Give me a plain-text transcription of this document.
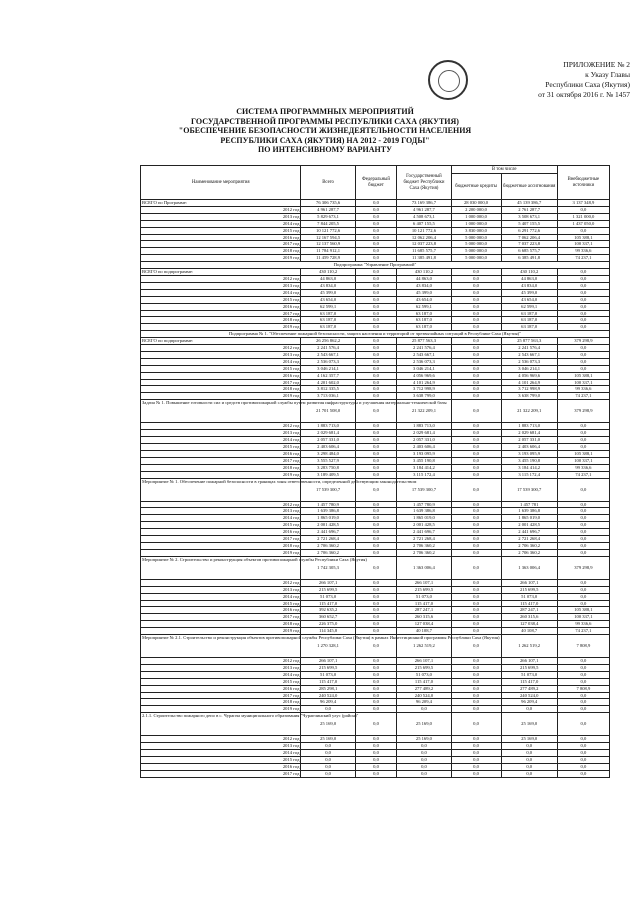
ПРИЛОЖЕНИЕ № 2
к Указу Главы
Республики Саха (Якутия)
от 31 октября 2016 г. № 1457
СИСТЕМА ПРОГРАММНЫХ МЕРОПРИЯТИЙ
ГОСУДАРСТВЕННОЙ ПРОГРАММЫ РЕСПУБЛИКИ САХА (ЯКУТИЯ)
"ОБЕСПЕЧЕНИЕ БЕЗОПАСНОСТИ ЖИЗНЕДЕЯТЕЛЬНОСТИ НАСЕЛЕНИЯ
РЕСПУБЛИКИ САХА (ЯКУТИЯ) НА 2012 - 2019 ГОДЫ"
ПО ИНТЕНСИВНОМУ ВАРИАНТУ
Наименование мероприятия	Всего	Федеральный бюджет	Государственный бюджет Республики Саха (Якутия)	В том числе		Внебюджетные источники
				бюджетные кредиты	бюджетные ассигнования	
ВСЕГО по Программе:	76 306 735,6	0,0	73 169 386,7	28 030 000,0	45 139 386,7	3 137 348,9
2012 год	4 961 287,7	0,0	4 961 287,7	2 200 000,0	2 761 287,7	0,0
2013 год	5 829 673,1	0,0	4 508 673,1	1 000 000,0	3 508 673,1	1 321 000,0
2014 год	7 844 205,5	0,0	6 407 155,5	1 000 000,0	5 407 155,5	1 437 050,0
2015 год	10 121 772,6	0,0	10 121 772,6	3 830 000,0	6 291 772,6	0,0
2016 год	12 167 594,5	0,0	12 062 206,4	5 000 000,0	7 062 206,4	105 388,1
2017 год	12 137 560,9	0,0	12 037 223,8	5 000 000,0	7 037 223,8	100 337,1
2018 год	11 784 912,1	0,0	11 685 575,7	5 000 000,0	6 685 575,7	99 336,6
2019 год	11 459 728,9	0,0	11 385 491,8	5 000 000,0	6 385 491,8	74 237,1
Подпрограмма "Управление Программой"						
ВСЕГО по подпрограмме:	430 110,2	0,0	430 110,2	0,0	430 110,2	0,0
2012 год	44 863,0	0,0	44 863,0	0,0	44 863,0	0,0
2013 год	43 834,0	0,0	43 834,0	0,0	43 834,0	0,0
2014 год	45 399,0	0,0	45 399,0	0,0	45 399,0	0,0
2015 год	43 654,0	0,0	43 654,0	0,0	43 654,0	0,0
2016 год	62 599,1	0,0	62 599,1	0,0	62 599,1	0,0
2017 год	63 187,0	0,0	63 187,0	0,0	63 187,0	0,0
2018 год	63 187,0	0,0	63 187,0	0,0	63 187,0	0,0
2019 год	63 187,0	0,0	63 187,0	0,0	63 187,0	0,0
Подпрограмма № 1. "Обеспечение пожарной безопасности, защита населения и территорий от чрезвычайных ситуаций в Республике Саха (Якутия)"						
ВСЕГО по подпрограмме:	26 256 862,2	0,0	25 877 563,3	0,0	25 877 563,3	379 298,9
2012 год	2 241 576,4	0,0	2 241 576,4	0,0	2 241 576,4	0,0
2013 год	2 543 667,1	0,0	2 543 667,1	0,0	2 543 667,1	0,0
2014 год	2 536 073,3	0,0	2 536 073,3	0,0	2 536 073,3	0,0
2015 год	3 046 214,1	0,0	3 046 214,1	0,0	3 046 214,1	0,0
2016 год	4 162 357,7	0,0	4 056 969,6	0,0	4 056 969,6	105 388,1
2017 год	4 201 602,0	0,0	4 101 264,9	0,0	4 101 264,9	100 337,1
2018 год	3 812 335,5	0,0	3 712 998,9	0,0	3 712 998,9	99 336,6
2019 год	3 713 036,1	0,0	3 638 799,0	0,0	3 638 799,0	74 237,1
Задача № 1. Повышение готовности сил и средств противопожарной службы путем развития инфраструктуры и улучшения материально-технической базы	21 701 508,0	0,0	21 322 209,1	0,0	21 322 209,1	379 298,9
2012 год	1 883 713,0	0,0	1 883 713,0	0,0	1 883 713,0	0,0
2013 год	2 029 681,4	0,0	2 029 681,4	0,0	2 029 681,4	0,0
2014 год	2 057 331,0	0,0	2 057 331,0	0,0	2 057 331,0	0,0
2015 год	2 403 606,4	0,0	2 403 606,4	0,0	2 403 606,4	0,0
2016 год	3 298 484,0	0,0	3 193 095,9	0,0	3 193 095,9	105 388,1
2017 год	3 555 527,9	0,0	3 455 190,8	0,0	3 455 190,8	100 337,1
2018 год	3 283 750,8	0,0	3 184 414,2	0,0	3 184 414,2	99 336,6
2019 год	3 189 409,5	0,0	3 115 172,4	0,0	3 115 172,4	74 237,1
Мероприятие № 1. Обеспечение пожарной безопасности в границах зоны ответственности, определенной действующим законодательством	17 539 300,7	0,0	17 539 300,7	0,0	17 539 300,7	0,0
2012 год	1 457 780,9	0,0	1 457 780,9	0,0	1 457 781	0,0
2013 год	1 639 386,8	0,0	1 639 386,8	0,0	1 639 386,8	0,0
2014 год	1 865 019,0	0,0	1 865 019,0	0,0	1 865 019,0	0,0
2015 год	2 001 428,5	0,0	2 001 428,5	0,0	2 001 428,5	0,0
2016 год	2 441 696,7	0,0	2 441 696,7	0,0	2 441 696,7	0,0
2017 год	2 721 268,4	0,0	2 721 268,4	0,0	2 721 268,4	0,0
2018 год	2 706 360,2	0,0	2 706 360,2	0,0	2 706 360,2	0,0
2019 год	2 706 360,2	0,0	2 706 360,2	0,0	2 706 360,2	0,0
Мероприятие № 2. Строительство и реконструкция объектов противопожарной службы Республики Саха (Якутия)	1 742 305,3	0,0	1 363 006,4	0,0	1 363 006,4	379 298,9
2012 год	266 107,1	0,0	266 107,1	0,0	266 107,1	0,0
2013 год	215 699,5	0,0	215 699,5	0,0	215 699,5	0,0
2014 год	51 073,0	0,0	51 073,0	0,0	51 073,0	0,0
2015 год	115 417,0	0,0	115 417,0	0,0	115 417,0	0,0
2016 год	392 635,2	0,0	287 247,1	0,0	287 247,1	105 388,1
2017 год	360 652,7	0,0	260 315,6	0,0	260 315,6	100 337,1
2018 год	226 375,0	0,0	127 038,4	0,0	127 038,4	99 336,6
2019 год	114 345,8	0,0	40 108,7	0,0	40 108,7	74 237,1
Мероприятие № 2.1. Строительство и реконструкция объектов противопожарной службы Республики Саха (Якутия) в рамках Инвестиционной программы Республики Саха (Якутия)	1 270 328,1	0,0	1 262 519,2	0,0	1 262 519,2	7 808,9
2012 год	266 107,1	0,0	266 107,1	0,0	266 107,1	0,0
2013 год	215 699,5	0,0	215 699,5	0,0	215 699,5	0,0
2014 год	51 073,0	0,0	51 073,0	0,0	51 073,0	0,0
2015 год	115 417,0	0,0	115 417,0	0,0	115 417,0	0,0
2016 год	285 298,1	0,0	277 489,2	0,0	277 489,2	7 808,9
2017 год	240 524,0	0,0	240 524,0	0,0	240 524,0	0,0
2018 год	96 209,4	0,0	96 209,4	0,0	96 209,4	0,0
2019 год	0,0	0,0	0,0	0,0	0,0	0,0
2.1.1. Строительство пожарного депо в с. Чурапча муниципального образования "Чурапчинский улус (район)"	25 169,0	0,0	25 169,0	0,0	25 169,0	0,0
2012 год	25 169,0	0,0	25 169,0	0,0	25 169,0	0,0
2013 год	0,0	0,0	0,0	0,0	0,0	0,0
2014 год	0,0	0,0	0,0	0,0	0,0	0,0
2015 год	0,0	0,0	0,0	0,0	0,0	0,0
2016 год	0,0	0,0	0,0	0,0	0,0	0,0
2017 год	0,0	0,0	0,0	0,0	0,0	0,0
